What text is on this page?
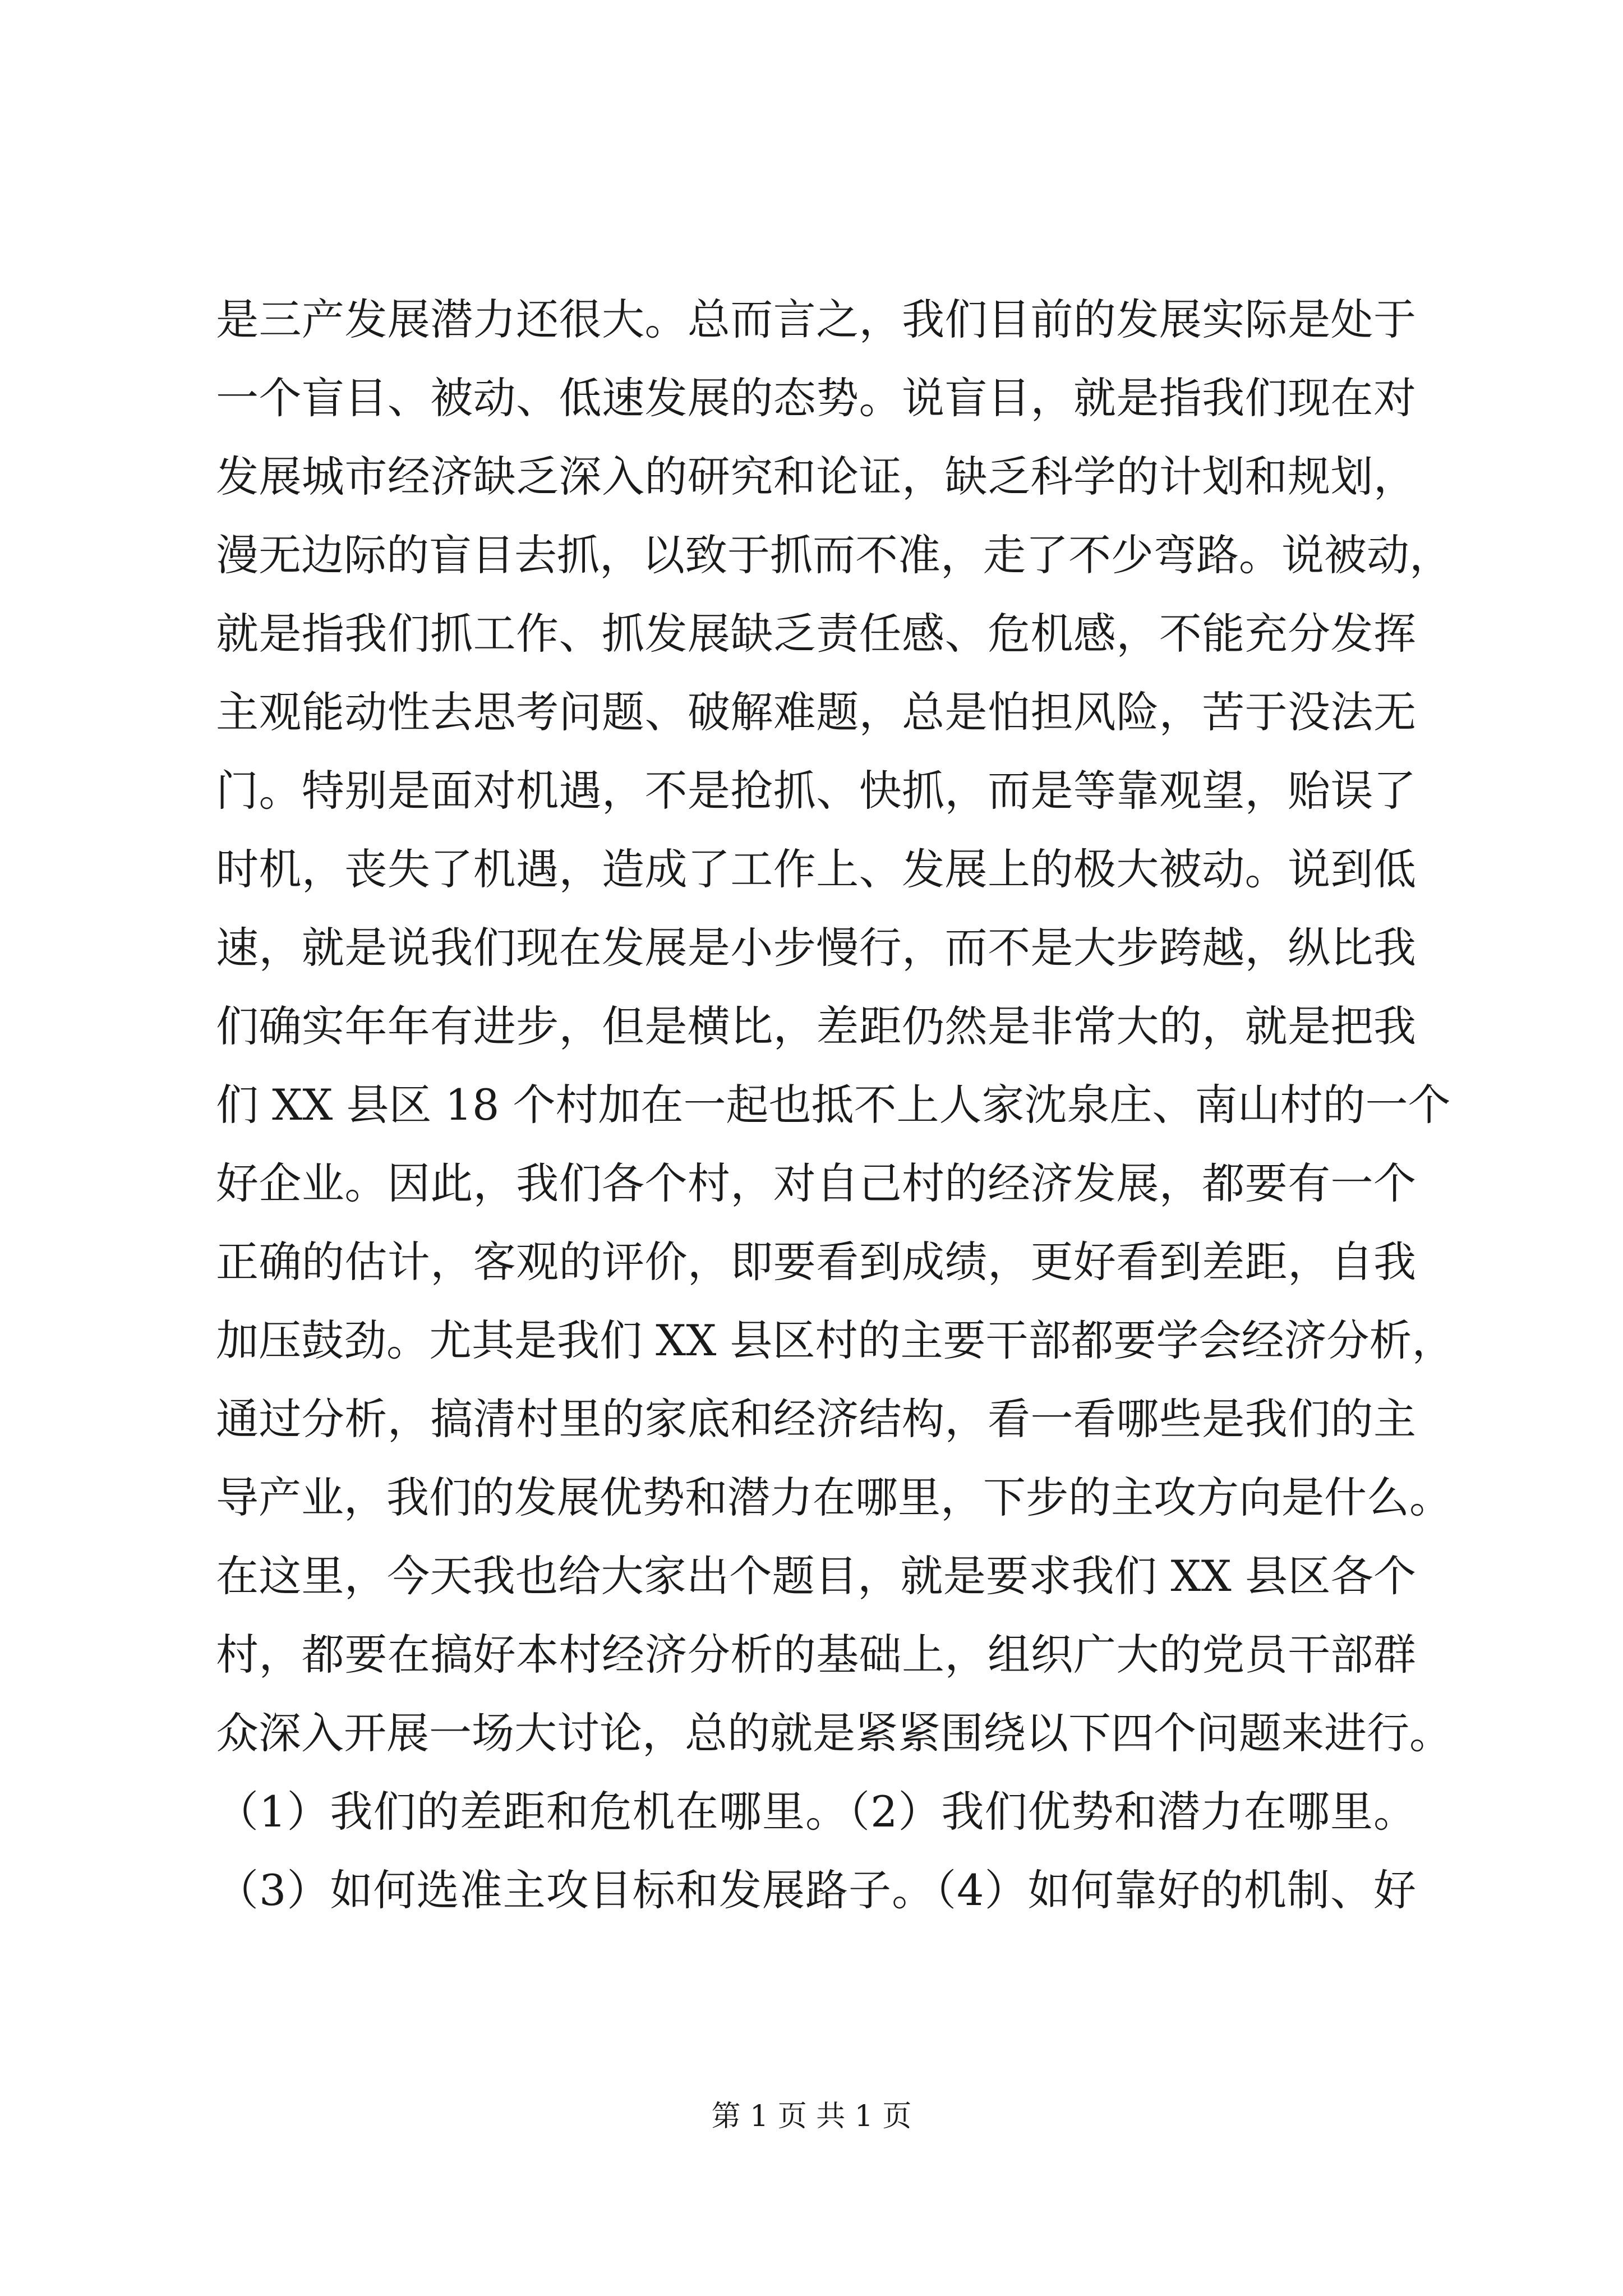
是三产发展潜力还很大。总而言之，我们目前的发展实际是处于
一个盲目、被动、低速发展的态势。说盲目，就是指我们现在对
发展城市经济缺乏深入的研究和论证，缺乏科学的计划和规划，
漫无边际的盲目去抓，以致于抓而不准，走了不少弯路。说被动，
就是指我们抓工作、抓发展缺乏责任感、危机感，不能充分发挥
主观能动性去思考问题、破解难题，总是怕担风险，苦于没法无
门。特别是面对机遇，不是抢抓、快抓，而是等靠观望，贻误了
时机，丧失了机遇，造成了工作上、发展上的极大被动。说到低
速，就是说我们现在发展是小步慢行，而不是大步跨越，纵比我
们确实年年有进步，但是横比，差距仍然是非常大的，就是把我
们 XX 县区 18 个村加在一起也抵不上人家沈泉庄、南山村的一个
好企业。因此，我们各个村，对自己村的经济发展，都要有一个
正确的估计，客观的评价，即要看到成绩，更好看到差距，自我
加压鼓劲。尤其是我们 XX 县区村的主要干部都要学会经济分析，
通过分析，搞清村里的家底和经济结构，看一看哪些是我们的主
导产业，我们的发展优势和潜力在哪里，下步的主攻方向是什么。
在这里，今天我也给大家出个题目，就是要求我们 XX 县区各个
村，都要在搞好本村经济分析的基础上，组织广大的党员干部群
众深入开展一场大讨论，总的就是紧紧围绕以下四个问题来进行。
（1）我们的差距和危机在哪里。（2）我们优势和潜力在哪里。
（3）如何选准主攻目标和发展路子。（4）如何靠好的机制、好
第 1 页 共 1 页
